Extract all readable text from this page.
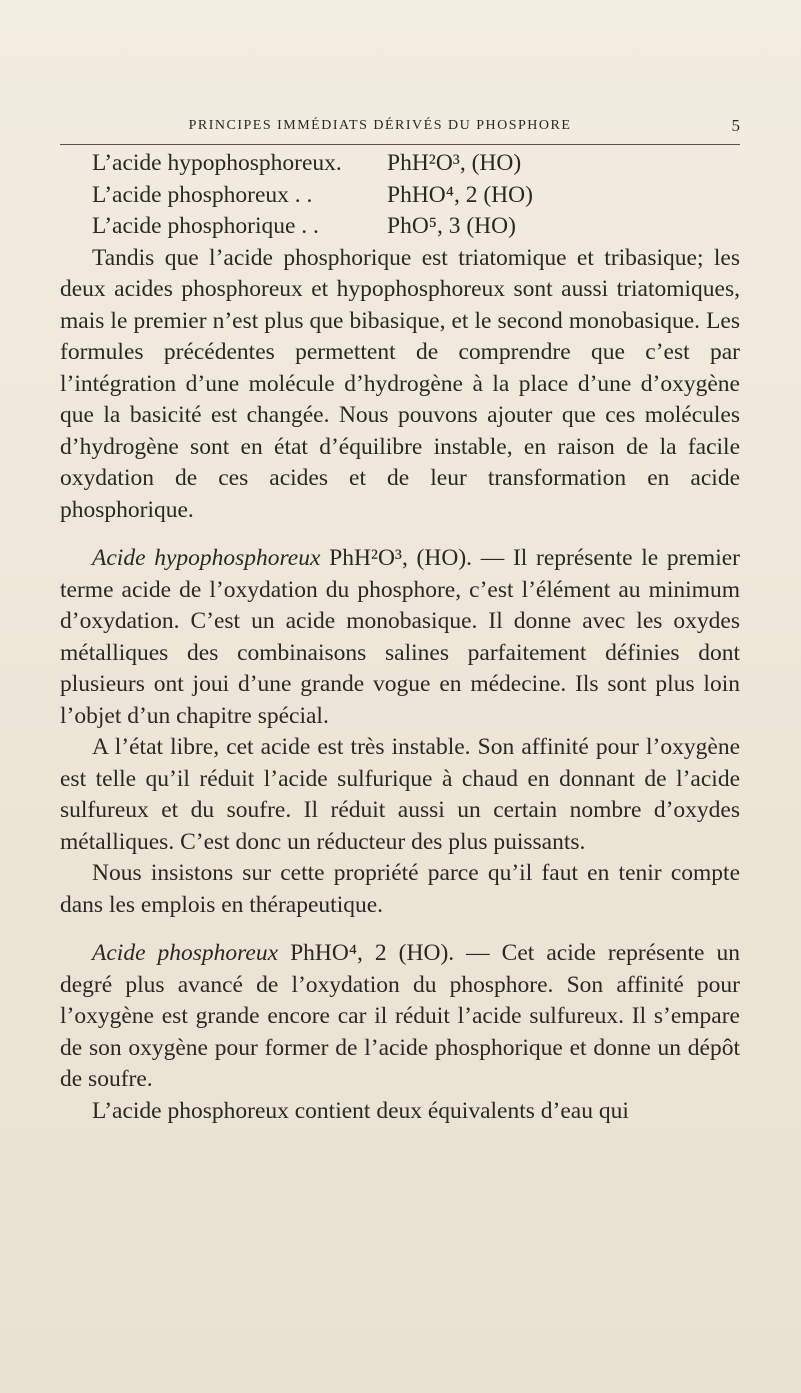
PRINCIPES IMMÉDIATS DÉRIVÉS DU PHOSPHORE	5
L’acide hypophosphoreux.	PhH²O³, (HO)
L’acide phosphoreux . .	PhHO⁴, 2 (HO)
L’acide phosphorique . .	PhO⁵, 3 (HO)

Tandis que l’acide phosphorique est triatomique et tribasique; les deux acides phosphoreux et hypophosphoreux sont aussi triatomiques, mais le premier n’est plus que bibasique, et le second monobasique. Les formules précédentes permettent de comprendre que c’est par l’intégration d’une molécule d’hydrogène à la place d’une d’oxygène que la basicité est changée. Nous pouvons ajouter que ces molécules d’hydrogène sont en état d’équilibre instable, en raison de la facile oxydation de ces acides et de leur transformation en acide phosphorique.

Acide hypophosphoreux PhH²O³, (HO). — Il représente le premier terme acide de l’oxydation du phosphore, c’est l’élément au minimum d’oxydation. C’est un acide monobasique. Il donne avec les oxydes métalliques des combinaisons salines parfaitement définies dont plusieurs ont joui d’une grande vogue en médecine. Ils sont plus loin l’objet d’un chapitre spécial.

A l’état libre, cet acide est très instable. Son affinité pour l’oxygène est telle qu’il réduit l’acide sulfurique à chaud en donnant de l’acide sulfureux et du soufre. Il réduit aussi un certain nombre d’oxydes métalliques. C’est donc un réducteur des plus puissants.

Nous insistons sur cette propriété parce qu’il faut en tenir compte dans les emplois en thérapeutique.

Acide phosphoreux PhHO⁴, 2 (HO). — Cet acide représente un degré plus avancé de l’oxydation du phosphore. Son affinité pour l’oxygène est grande encore car il réduit l’acide sulfureux. Il s’empare de son oxygène pour former de l’acide phosphorique et donne un dépôt de soufre.

L’acide phosphoreux contient deux équivalents d’eau qui
